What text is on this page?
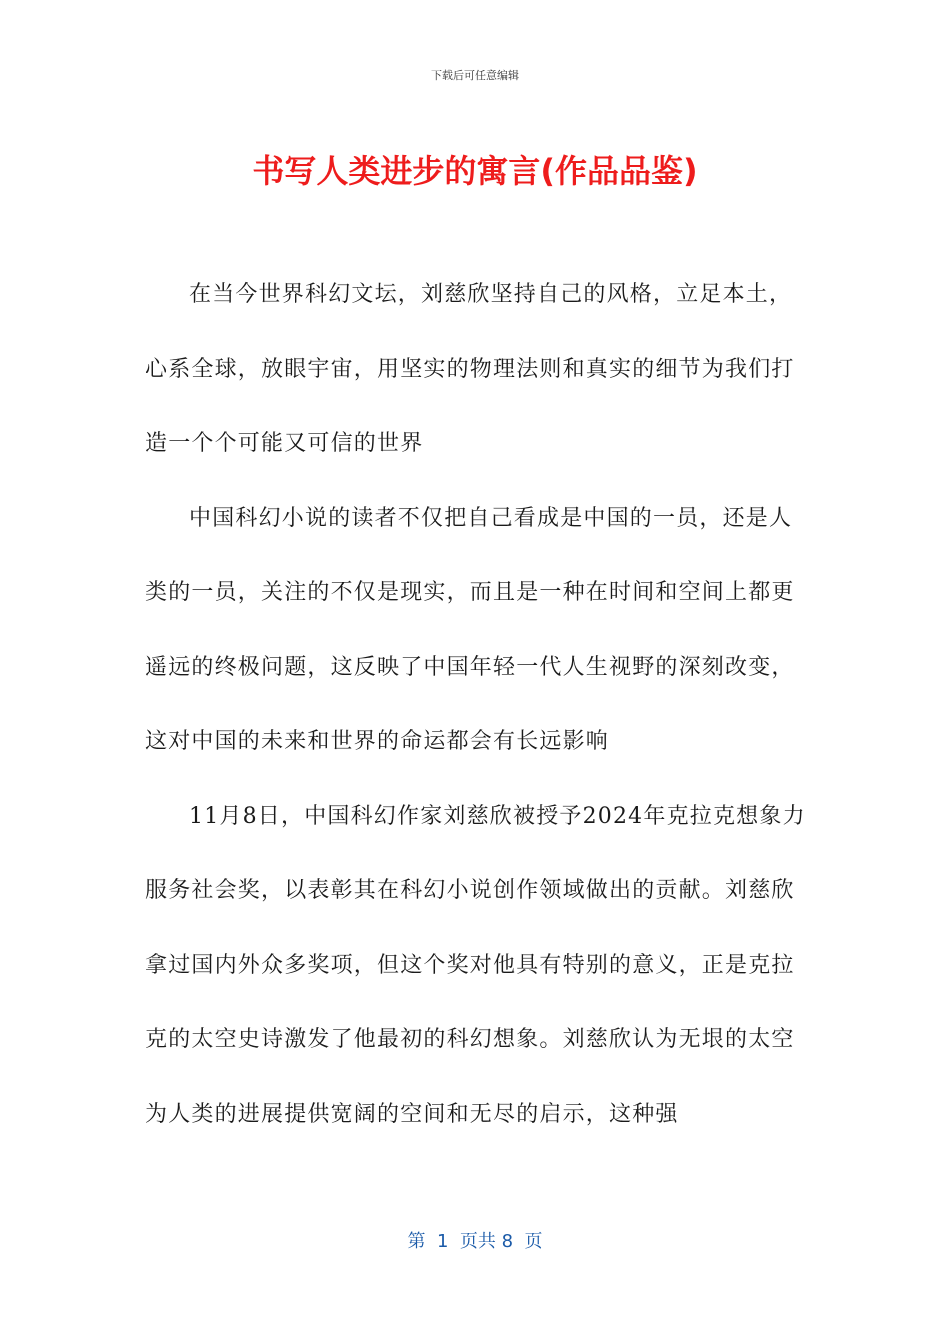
下载后可任意编辑
书写人类进步的寓言(作品品鉴)

在当今世界科幻文坛，刘慈欣坚持自己的风格，立足本土，心系全球，放眼宇宙，用坚实的物理法则和真实的细节为我们打造一个个可能又可信的世界

中国科幻小说的读者不仅把自己看成是中国的一员，还是人类的一员，关注的不仅是现实，而且是一种在时间和空间上都更遥远的终极问题，这反映了中国年轻一代人生视野的深刻改变，这对中国的未来和世界的命运都会有长远影响

11月8日，中国科幻作家刘慈欣被授予2024年克拉克想象力服务社会奖，以表彰其在科幻小说创作领域做出的贡献。刘慈欣拿过国内外众多奖项，但这个奖对他具有特别的意义，正是克拉克的太空史诗激发了他最初的科幻想象。刘慈欣认为无垠的太空为人类的进展提供宽阔的空间和无尽的启示，这种强

第  1  页共 8  页
